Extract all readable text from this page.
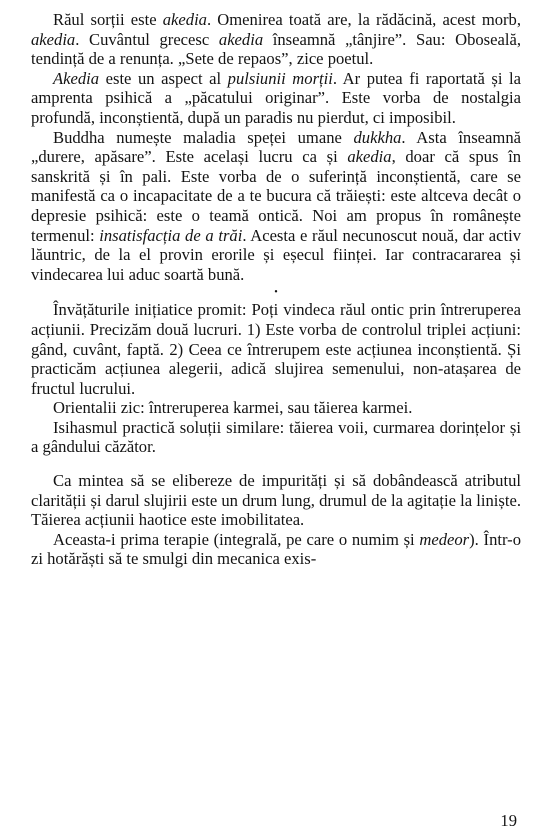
Răul sorții este akedia. Omenirea toată are, la rădăcină, acest morb, akedia. Cuvântul grecesc akedia înseamnă „tânjire”. Sau: Oboseală, tendință de a renunța. „Sete de repaos”, zice poetul.

Akedia este un aspect al pulsiunii morții. Ar putea fi raportată și la amprenta psihică a „păcatului originar”. Este vorba de nostalgia profundă, inconștientă, după un paradis nu pierdut, ci imposibil.

Buddha numește maladia speței umane dukkha. Asta înseamnă „durere, apăsare”. Este același lucru ca și akedia, doar că spus în sanskrită și în pali. Este vorba de o suferință inconștientă, care se manifestă ca o incapacitate de a te bucura că trăiești: este altceva decât o depresie psihică: este o teamă ontică. Noi am propus în românește termenul: insatisfacția de a trăi. Acesta e răul necunoscut nouă, dar activ lăuntric, de la el provin erorile și eșecul ființei. Iar contracararea și vindecarea lui aduc soartă bună.

•

Învățăturile inițiatice promit: Poți vindeca răul ontic prin întreruperea acțiunii. Precizăm două lucruri. 1) Este vorba de controlul triplei acțiuni: gând, cuvânt, faptă. 2) Ceea ce întrerupem este acțiunea inconștientă. Și practicăm acțiunea alegerii, adică slujirea semenului, non-atașarea de fructul lucrului.

Orientalii zic: întreruperea karmei, sau tăierea karmei.

Isihasmul practică soluții similare: tăierea voii, curmarea dorințelor și a gândului căzător.

Ca mintea să se elibereze de impurități și să dobândească atributul clarității și darul slujirii este un drum lung, drumul de la agitație la liniște. Tăierea acțiunii haotice este imobilitatea.

Aceasta-i prima terapie (integrală, pe care o numim și medeor). Într-o zi hotărăști să te smulgi din mecanica exis-

19
